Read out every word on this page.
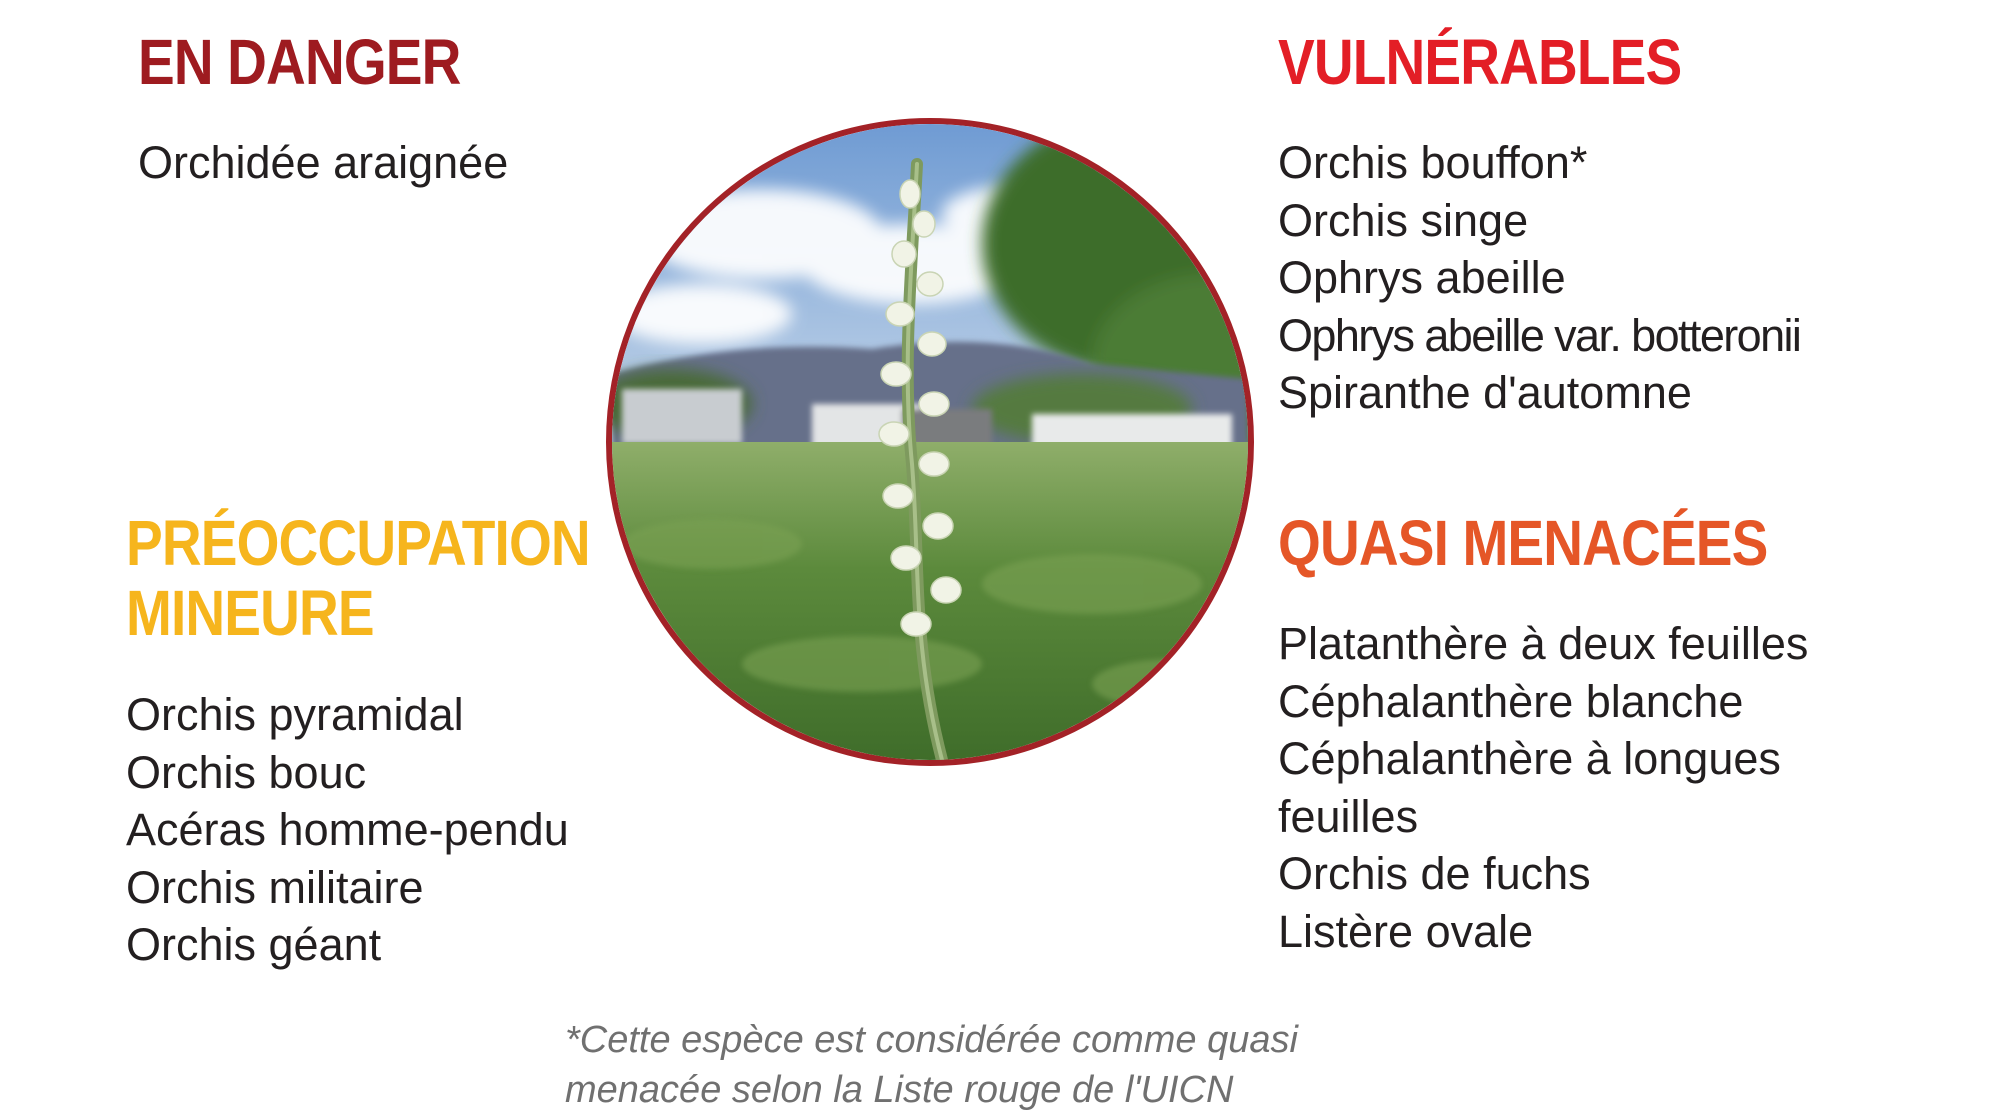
EN DANGER
Orchidée araignée
VULNÉRABLES
Orchis bouffon*
Orchis singe
Ophrys abeille
Ophrys abeille var. botteronii
Spiranthe d'automne
PRÉOCCUPATION
MINEURE
Orchis pyramidal
Orchis bouc
Acéras homme-pendu
Orchis militaire
Orchis géant
QUASI MENACÉES
Platanthère à deux feuilles
Céphalanthère blanche
Céphalanthère à longues
feuilles
Orchis de fuchs
Listère ovale

*Cette espèce est considérée comme quasi
menacée selon la Liste rouge de l'UICN
